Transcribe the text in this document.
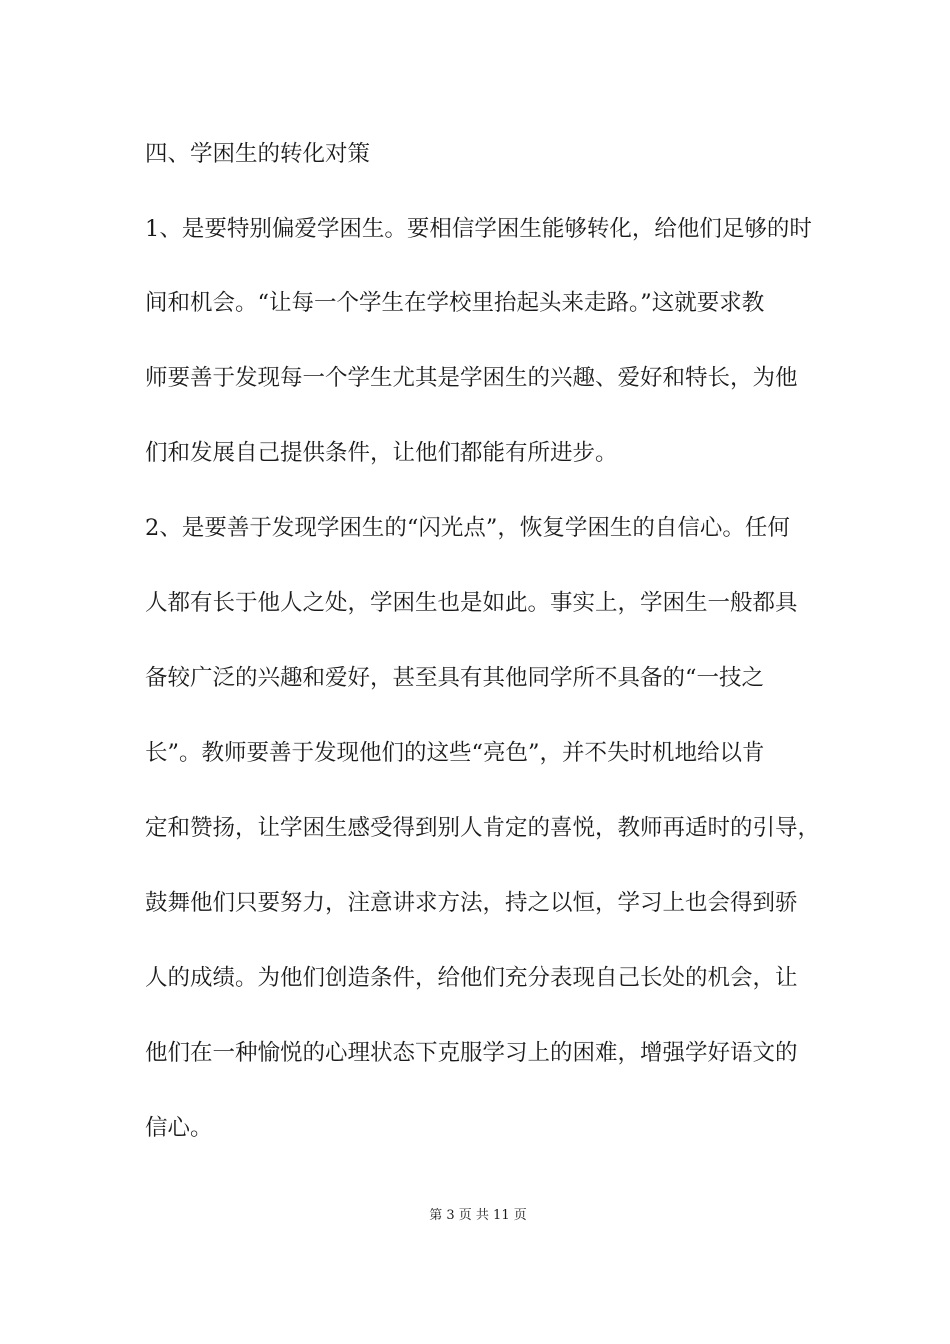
四、学困生的转化对策
1、是要特别偏爱学困生。要相信学困生能够转化，给他们足够的时
间和机会。“让每一个学生在学校里抬起头来走路。”这就要求教
师要善于发现每一个学生尤其是学困生的兴趣、爱好和特长，为他
们和发展自己提供条件，让他们都能有所进步。
2、是要善于发现学困生的“闪光点”，恢复学困生的自信心。任何
人都有长于他人之处，学困生也是如此。事实上，学困生一般都具
备较广泛的兴趣和爱好，甚至具有其他同学所不具备的“一技之
长”。教师要善于发现他们的这些“亮色”，并不失时机地给以肯
定和赞扬，让学困生感受得到别人肯定的喜悦，教师再适时的引导，
鼓舞他们只要努力，注意讲求方法，持之以恒，学习上也会得到骄
人的成绩。为他们创造条件，给他们充分表现自己长处的机会，让
他们在一种愉悦的心理状态下克服学习上的困难，增强学好语文的
信心。
第 3 页 共 11 页
